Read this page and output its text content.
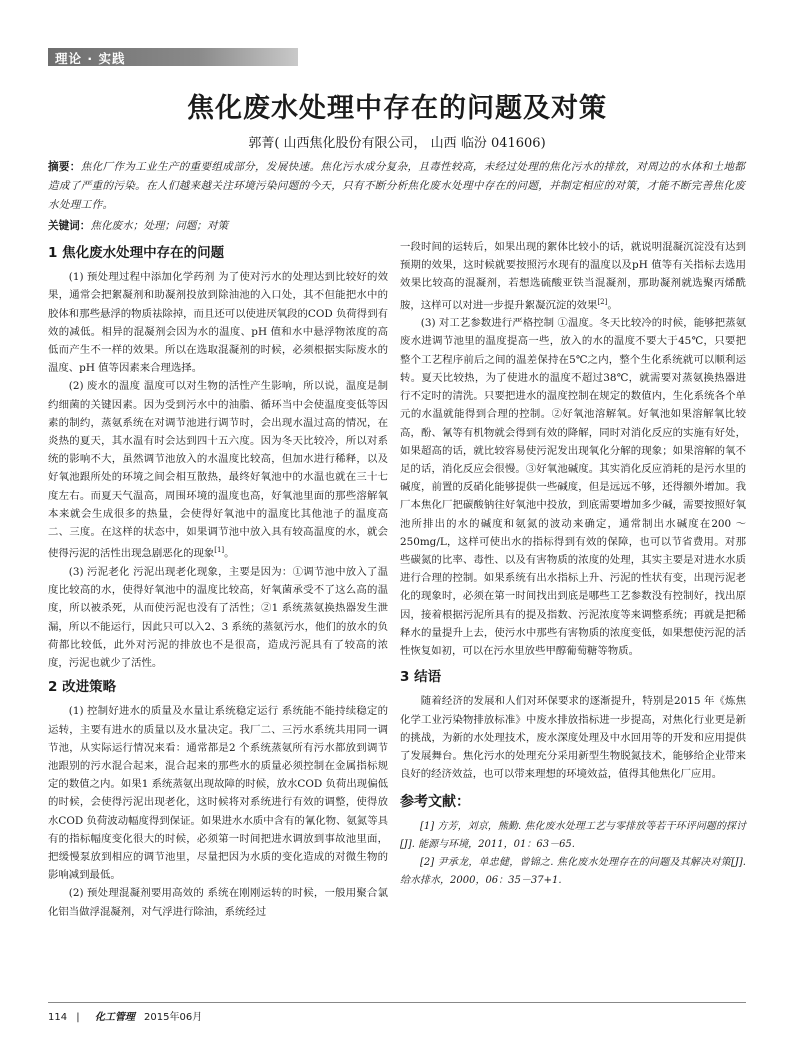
理论 · 实践
焦化废水处理中存在的问题及对策
郭菁( 山西焦化股份有限公司， 山西 临汾 041606)
摘要：焦化厂作为工业生产的重要组成部分，发展快速。焦化污水成分复杂，且毒性较高，未经过处理的焦化污水的排放，对周边的水体和土地都造成了严重的污染。在人们越来越关注环境污染问题的今天，只有不断分析焦化废水处理中存在的问题，并制定相应的对策，才能不断完善焦化废水处理工作。
关键词：焦化废水；处理；问题；对策
1 焦化废水处理中存在的问题

(1) 预处理过程中添加化学药剂 为了使对污水的处理达到比较好的效果，通常会把絮凝剂和助凝剂投放到除油池的入口处，其不但能把水中的胶体和那些悬浮的物质祛除掉，而且还可以使进厌氧段的COD 负荷得到有效的减低。相异的混凝剂会因为水的温度、pH 值和水中悬浮物浓度的高低而产生不一样的效果。所以在选取混凝剂的时候，必须根据实际废水的温度、pH 值等因素来合理选择。

(2) 废水的温度 温度可以对生物的活性产生影响，所以说，温度是制约细菌的关键因素。因为受到污水中的油脂、循环当中会使温度变低等因素的制约，蒸氨系统在对调节池进行调节时，会出现水温过高的情况，在炎热的夏天，其水温有时会达到四十五六度。因为冬天比较冷，所以对系统的影响不大，虽然调节池放入的水温度比较高，但加水进行稀释，以及好氧池跟所处的环境之间会相互散热，最终好氧池中的水温也就在三十七度左右。而夏天气温高，周围环境的温度也高，好氧池里面的那些溶解氧本来就会生成很多的热量，会使得好氧池中的温度比其他池子的温度高二、三度。在这样的状态中，如果调节池中放入具有较高温度的水，就会使得污泥的活性出现急剧恶化的现象[1]。

(3) 污泥老化 污泥出现老化现象，主要是因为：①调节池中放入了温度比较高的水，使得好氧池中的温度比较高，好氧菌承受不了这么高的温度，所以被杀死，从而使污泥也没有了活性；②1 系统蒸氨换热器发生泄漏，所以不能运行，因此只可以入2、3 系统的蒸氨污水，他们的放水的负荷都比较低，此外对污泥的排放也不是很高，造成污泥具有了较高的浓度，污泥也就少了活性。

2 改进策略

(1) 控制好进水的质量及水量让系统稳定运行 系统能不能持续稳定的运转，主要有进水的质量以及水量决定。我厂二、三污水系统共用同一调节池，从实际运行情况来看：通常都是2 个系统蒸氨所有污水都放到调节池跟别的污水混合起来，混合起来的那些水的质量必须控制在金属指标规定的数值之内。如果1 系统蒸氨出现故障的时候，放水COD 负荷出现偏低的时候，会使得污泥出现老化，这时候将对系统进行有效的调整，使得放水COD 负荷波动幅度得到保证。如果进水水质中含有的氰化物、氨氮等具有的指标幅度变化很大的时候，必须第一时间把进水调放到事故池里面，把缓慢泵放到相应的调节池里，尽量把因为水质的变化造成的对微生物的影响减到最低。

(2) 预处理混凝剂要用高效的 系统在刚刚运转的时候，一般用聚合氯化铝当做浮混凝剂，对气浮进行除油，系统经过

一段时间的运转后，如果出现的絮体比较小的话，就说明混凝沉淀没有达到预期的效果，这时候就要按照污水现有的温度以及pH 值等有关指标去选用效果比较高的混凝剂，若想选硫酸亚铁当混凝剂，那助凝剂就选聚丙烯酰胺，这样可以对进一步提升絮凝沉淀的效果[2]。

(3) 对工艺参数进行严格控制 ①温度。冬天比较冷的时候，能够把蒸氨废水进调节池里的温度提高一些，放入的水的温度不要大于45℃，只要把整个工艺程序前后之间的温差保持在5℃之内，整个生化系统就可以顺利运转。夏天比较热，为了使进水的温度不超过38℃，就需要对蒸氨换热器进行不定时的清洗。只要把进水的温度控制在规定的数值内，生化系统各个单元的水温就能得到合理的控制。②好氧池溶解氧。好氧池如果溶解氧比较高，酚、氰等有机物就会得到有效的降解，同时对消化反应的实施有好处，如果超高的话，就比较容易使污泥发出现氧化分解的现象；如果溶解的氧不足的话，消化反应会很慢。③好氧池碱度。其实消化反应消耗的是污水里的碱度，前置的反硝化能够提供一些碱度，但是远远不够，还得额外增加。我厂本焦化厂把碳酸钠往好氧池中投放，到底需要增加多少碱，需要按照好氧池所排出的水的碱度和氨氮的波动来确定，通常制出水碱度在200 ～250mg/L，这样可使出水的指标得到有效的保障，也可以节省费用。对那些碳氮的比率、毒性、以及有害物质的浓度的处理，其实主要是对进水水质进行合理的控制。如果系统有出水指标上升、污泥的性状有变，出现污泥老化的现象时，必须在第一时间找出到底是哪些工艺参数没有控制好，找出原因，接着根据污泥所具有的提及指数、污泥浓度等来调整系统；再就是把稀释水的量提升上去，使污水中那些有害物质的浓度变低，如果想使污泥的活性恢复如初，可以在污水里放些甲醇葡萄糖等物质。

3 结语

随着经济的发展和人们对环保要求的逐渐提升，特别是2015 年《炼焦化学工业污染物排放标准》中废水排放指标进一步提高，对焦化行业更是新的挑战，为新的水处理技术，废水深度处理及中水回用等的开发和应用提供了发展舞台。焦化污水的处理充分采用新型生物脱氮技术，能够给企业带来良好的经济效益，也可以带来理想的环境效益，值得其他焦化厂应用。

参考文献：
[1] 方芳，刘京，熊勤. 焦化废水处理工艺与零排放等若干环评问题的探讨[J]. 能源与环境，2011，01：63－65.
[2] 尹承龙，单忠健，曾锦之. 焦化废水处理存在的问题及其解决对策[J]. 给水排水，2000，06：35－37+1.
114 | 化工管理 2015年06月
